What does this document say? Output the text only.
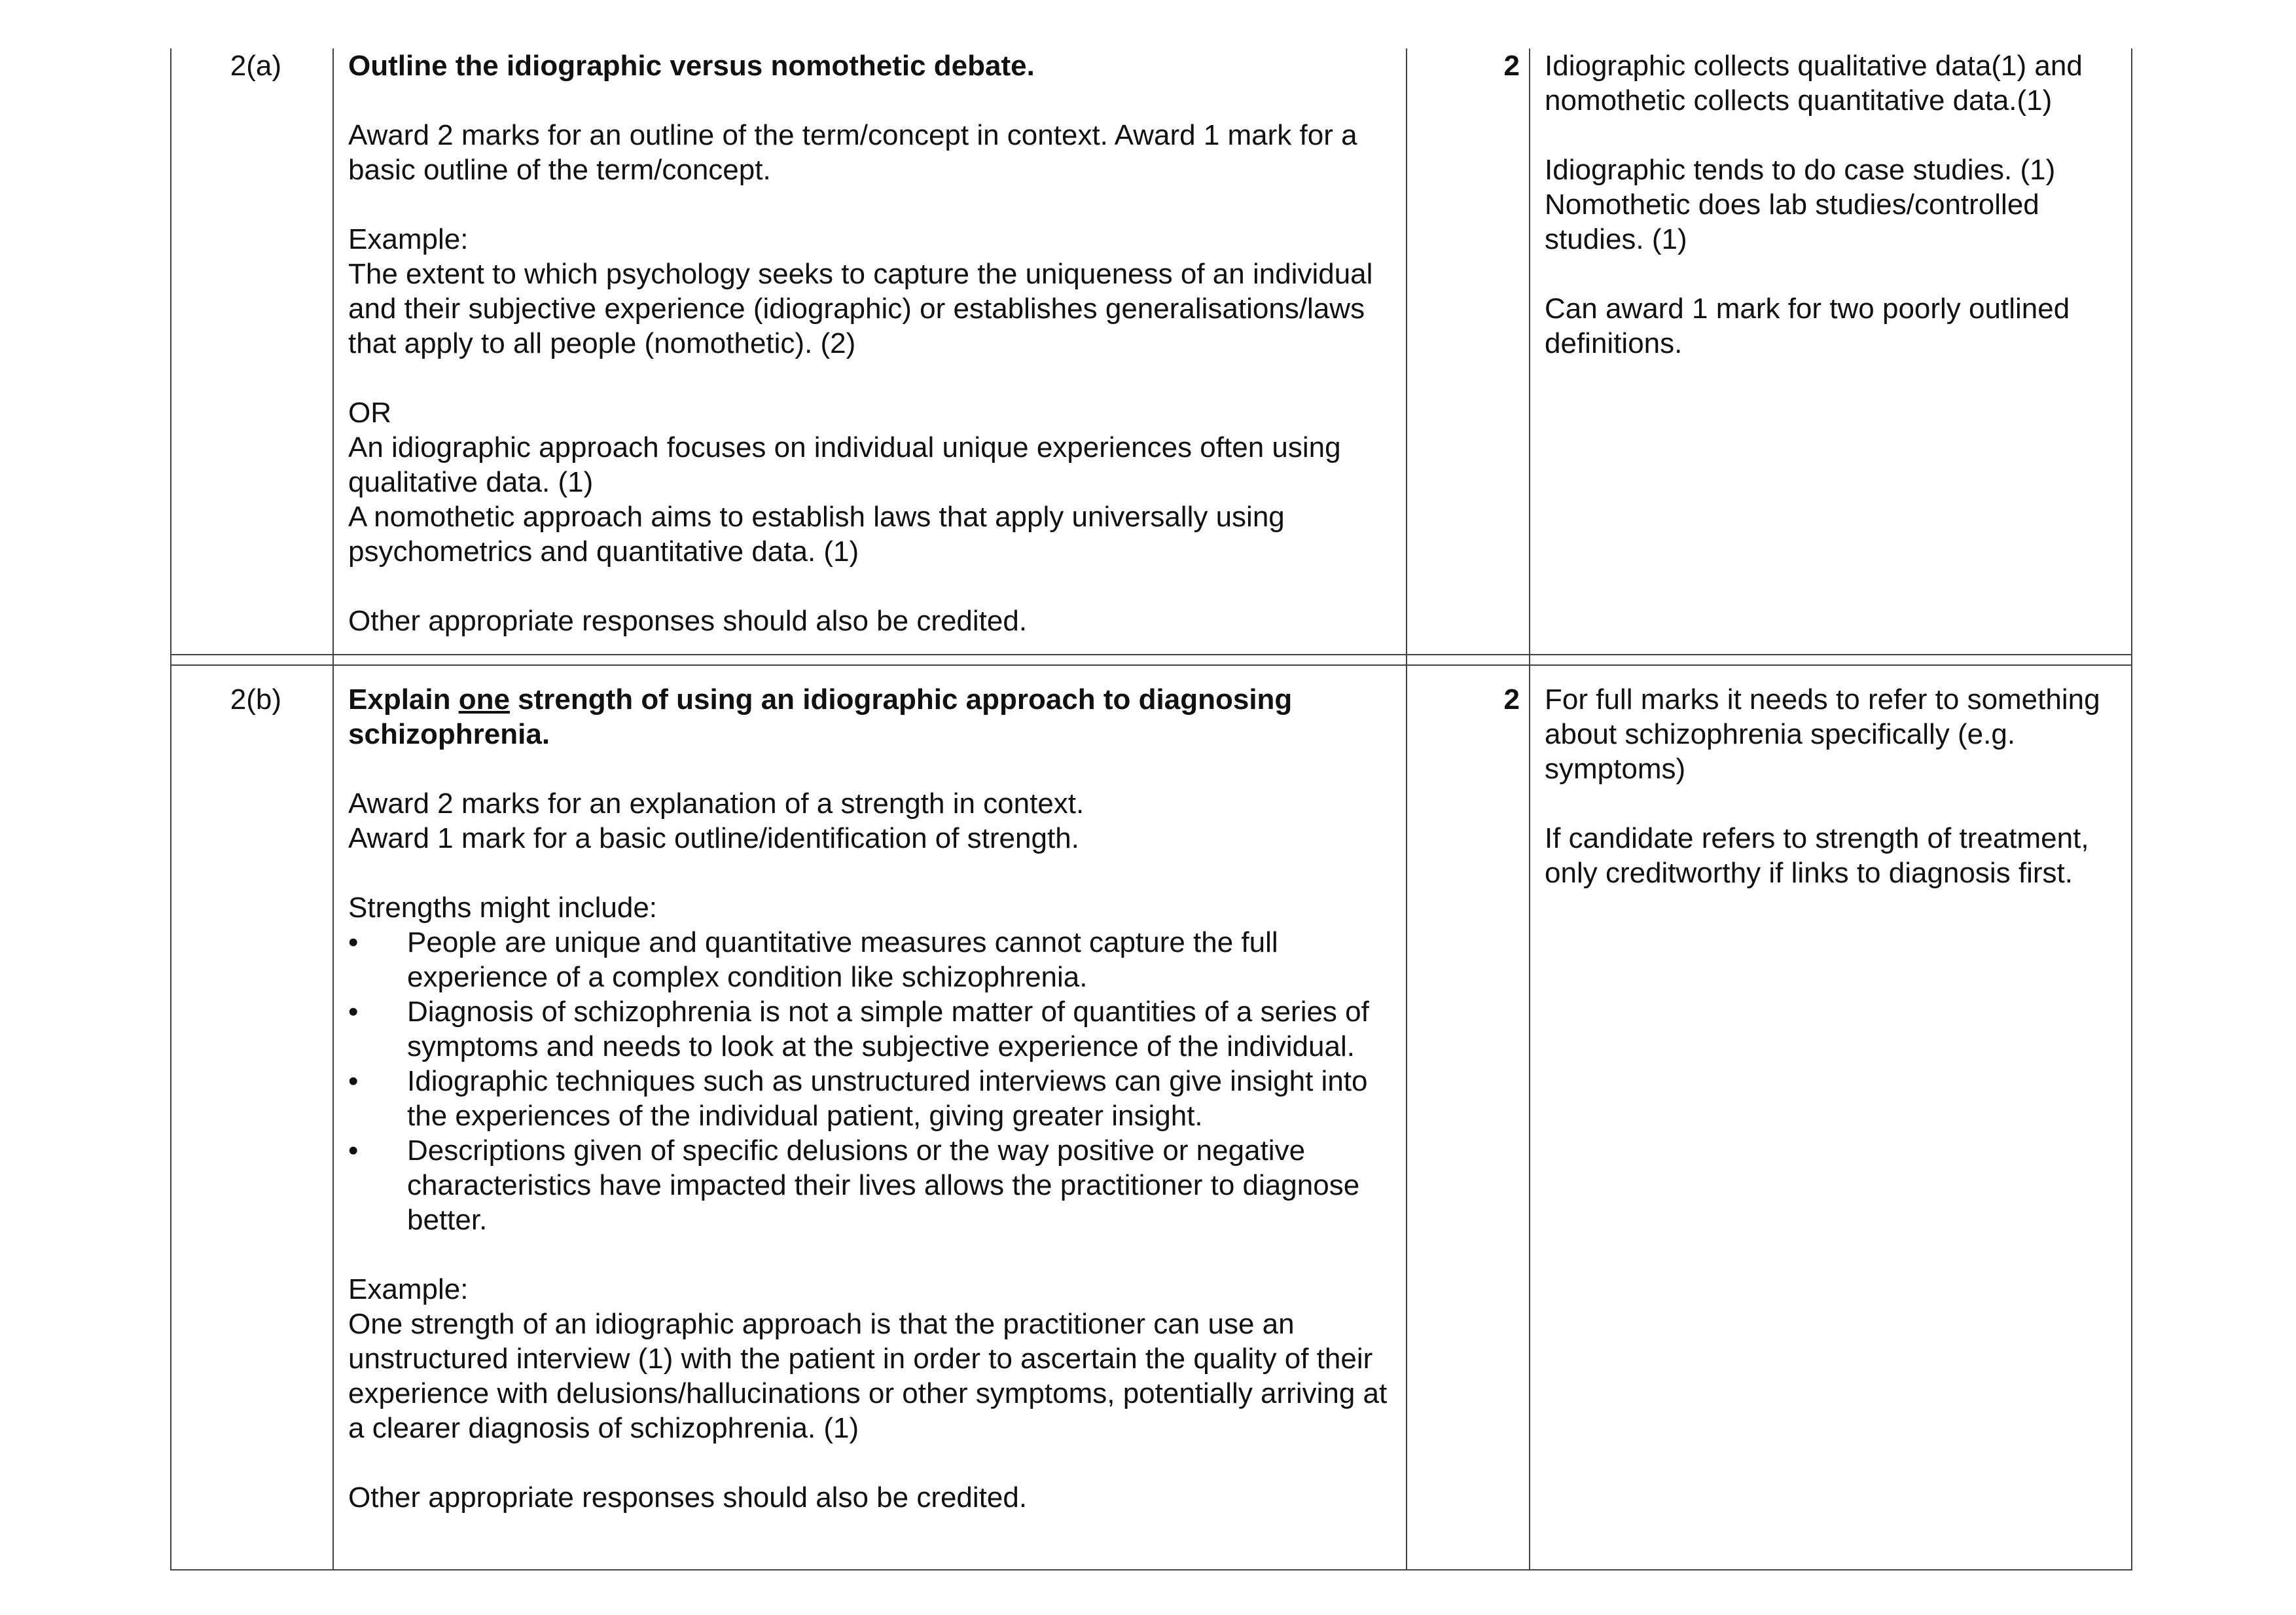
2(a) Outline the idiographic versus nomothetic debate.

Award 2 marks for an outline of the term/concept in context. Award 1 mark for a basic outline of the term/concept.

Example:

The extent to which psychology seeks to capture the uniqueness of an individual and their subjective experience (idiographic) or establishes generalisations/laws that apply to all people (nomothetic). (2)

OR

An idiographic approach focuses on individual unique experiences often using qualitative data. (1)

A nomothetic approach aims to establish laws that apply universally using psychometrics and quantitative data. (1)

Other appropriate responses should also be credited.

2 Idiographic collects qualitative data(1) and nomothetic collects quantitative data.(1)

Idiographic tends to do case studies. (1)

Nomothetic does lab studies/controlled studies. (1)

Can award 1 mark for two poorly outlined definitions.

2(b) Explain one strength of using an idiographic approach to diagnosing schizophrenia.

Award 2 marks for an explanation of a strength in context.

Award 1 mark for a basic outline/identification of strength.

Strengths might include:

• People are unique and quantitative measures cannot capture the full experience of a complex condition like schizophrenia.
• Diagnosis of schizophrenia is not a simple matter of quantities of a series of symptoms and needs to look at the subjective experience of the individual.
• Idiographic techniques such as unstructured interviews can give insight into the experiences of the individual patient, giving greater insight.
• Descriptions given of specific delusions or the way positive or negative characteristics have impacted their lives allows the practitioner to diagnose better.

Example:

One strength of an idiographic approach is that the practitioner can use an unstructured interview (1) with the patient in order to ascertain the quality of their experience with delusions/hallucinations or other symptoms, potentially arriving at a clearer diagnosis of schizophrenia. (1)

Other appropriate responses should also be credited.

2 For full marks it needs to refer to something about schizophrenia specifically (e.g. symptoms)

If candidate refers to strength of treatment, only creditworthy if links to diagnosis first.
